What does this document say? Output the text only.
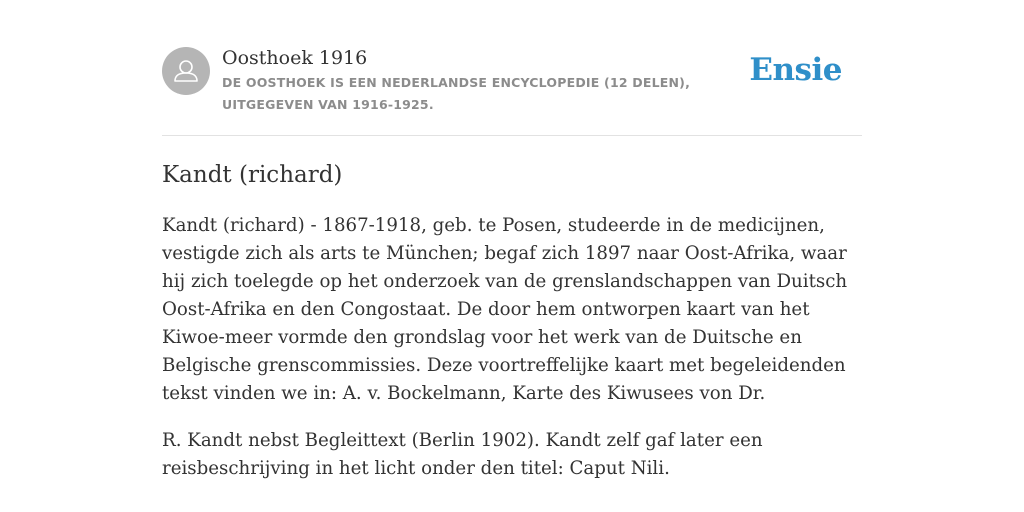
Oosthoek 1916
DE OOSTHOEK IS EEN NEDERLANDSE ENCYCLOPEDIE (12 DELEN), UITGEGEVEN VAN 1916-1925.
Ensie
Kandt (richard)

Kandt (richard) - 1867-1918, geb. te Posen, studeerde in de medicijnen, vestigde zich als arts te München; begaf zich 1897 naar Oost-Afrika, waar hij zich toelegde op het onderzoek van de grenslandschappen van Duitsch Oost-Afrika en den Congostaat. De door hem ontworpen kaart van het Kiwoe-meer vormde den grondslag voor het werk van de Duitsche en Belgische grenscommissies. Deze voortreffelijke kaart met begeleidenden tekst vinden we in: A. v. Bockelmann, Karte des Kiwusees von Dr.

R. Kandt nebst Begleittext (Berlin 1902). Kandt zelf gaf later een reisbeschrijving in het licht onder den titel: Caput Nili.
